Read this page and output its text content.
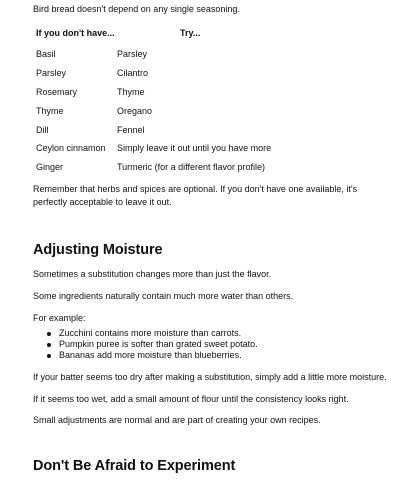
Bird bread doesn't depend on any single seasoning.

If you don't have...	Try...
Basil	Parsley
Parsley	Cilantro
Rosemary	Thyme
Thyme	Oregano
Dill	Fennel
Ceylon cinnamon	Simply leave it out until you have more
Ginger	Turmeric (for a different flavor profile)

Remember that herbs and spices are optional. If you don't have one available, it's perfectly acceptable to leave it out.

Adjusting Moisture

Sometimes a substitution changes more than just the flavor.

Some ingredients naturally contain much more water than others.

For example:

Zucchini contains more moisture than carrots.
Pumpkin puree is softer than grated sweet potato.
Bananas add more moisture than blueberries.

If your batter seems too dry after making a substitution, simply add a little more moisture.

If it seems too wet, add a small amount of flour until the consistency looks right.

Small adjustments are normal and are part of creating your own recipes.

Don't Be Afraid to Experiment
